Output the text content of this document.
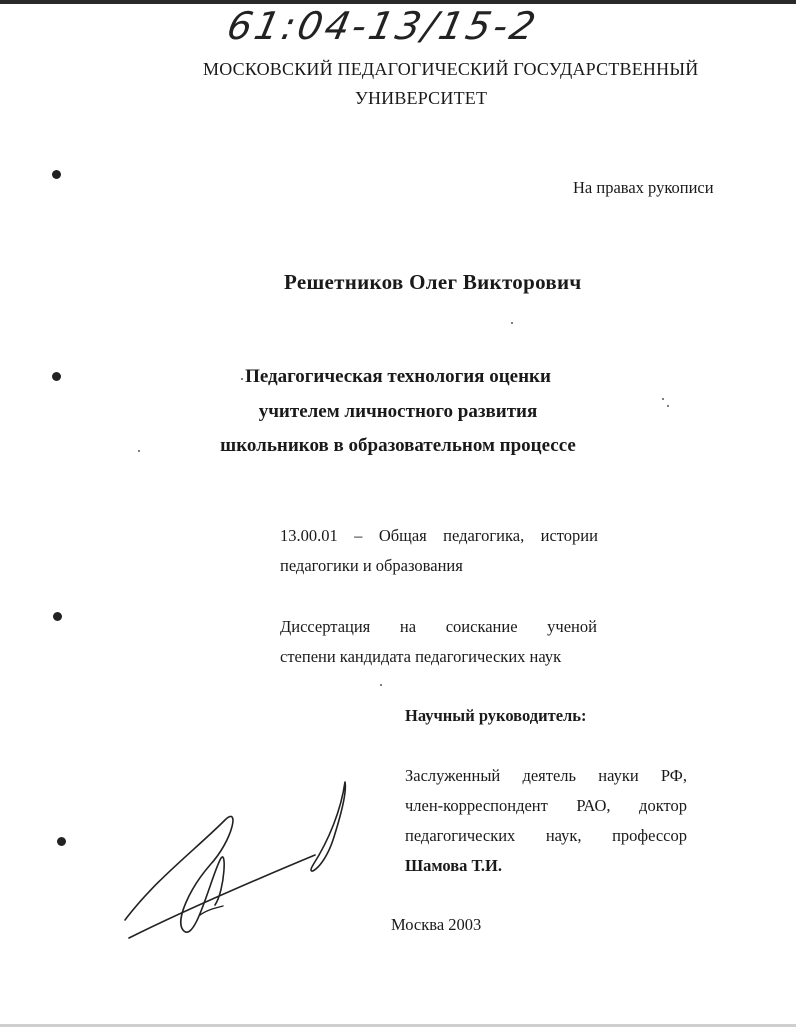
61:04-13/15-2
МОСКОВСКИЙ ПЕДАГОГИЧЕСКИЙ ГОСУДАРСТВЕННЫЙ
УНИВЕРСИТЕТ
На правах рукописи
Решетников Олег Викторович
Педагогическая технология оценки
учителем личностного развития
школьников в образовательном процессе
13.00.01 – Общая педагогика, истории
педагогики и образования
Диссертация на соискание ученой
степени кандидата педагогических наук
Научный руководитель:
Заслуженный деятель науки РФ,
член-корреспондент РАО, доктор
педагогических наук, профессор
Шамова Т.И.
Москва 2003
